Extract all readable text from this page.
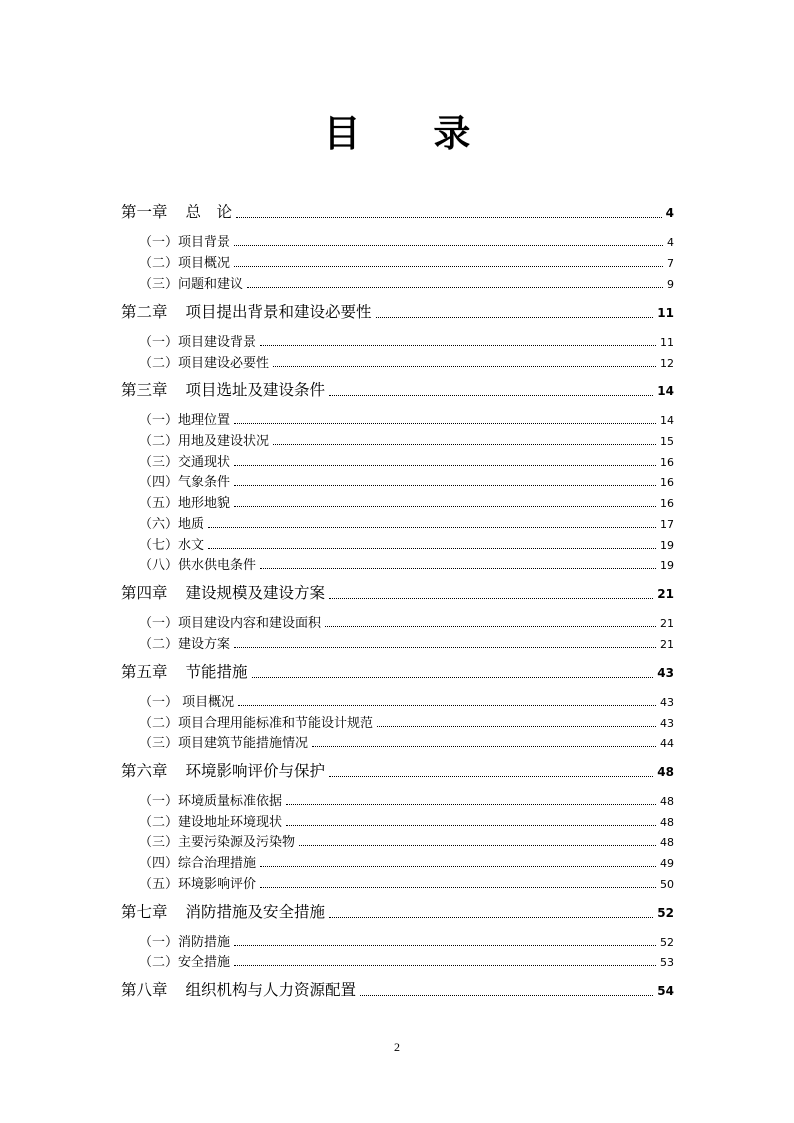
目 录
第一章 总　论	4
（一）项目背景	4
（二）项目概况	7
（三）问题和建议	9
第二章 项目提出背景和建设必要性	11
（一）项目建设背景	11
（二）项目建设必要性	12
第三章 项目选址及建设条件	14
（一）地理位置	14
（二）用地及建设状况	15
（三）交通现状	16
（四）气象条件	16
（五）地形地貌	16
（六）地质	17
（七）水文	19
（八）供水供电条件	19
第四章 建设规模及建设方案	21
（一）项目建设内容和建设面积	21
（二）建设方案	21
第五章 节能措施	43
（一） 项目概况	43
（二）项目合理用能标准和节能设计规范	43
（三）项目建筑节能措施情况	44
第六章 环境影响评价与保护	48
（一）环境质量标准依据	48
（二）建设地址环境现状	48
（三）主要污染源及污染物	48
（四）综合治理措施	49
（五）环境影响评价	50
第七章 消防措施及安全措施	52
（一）消防措施	52
（二）安全措施	53
第八章 组织机构与人力资源配置	54
2
